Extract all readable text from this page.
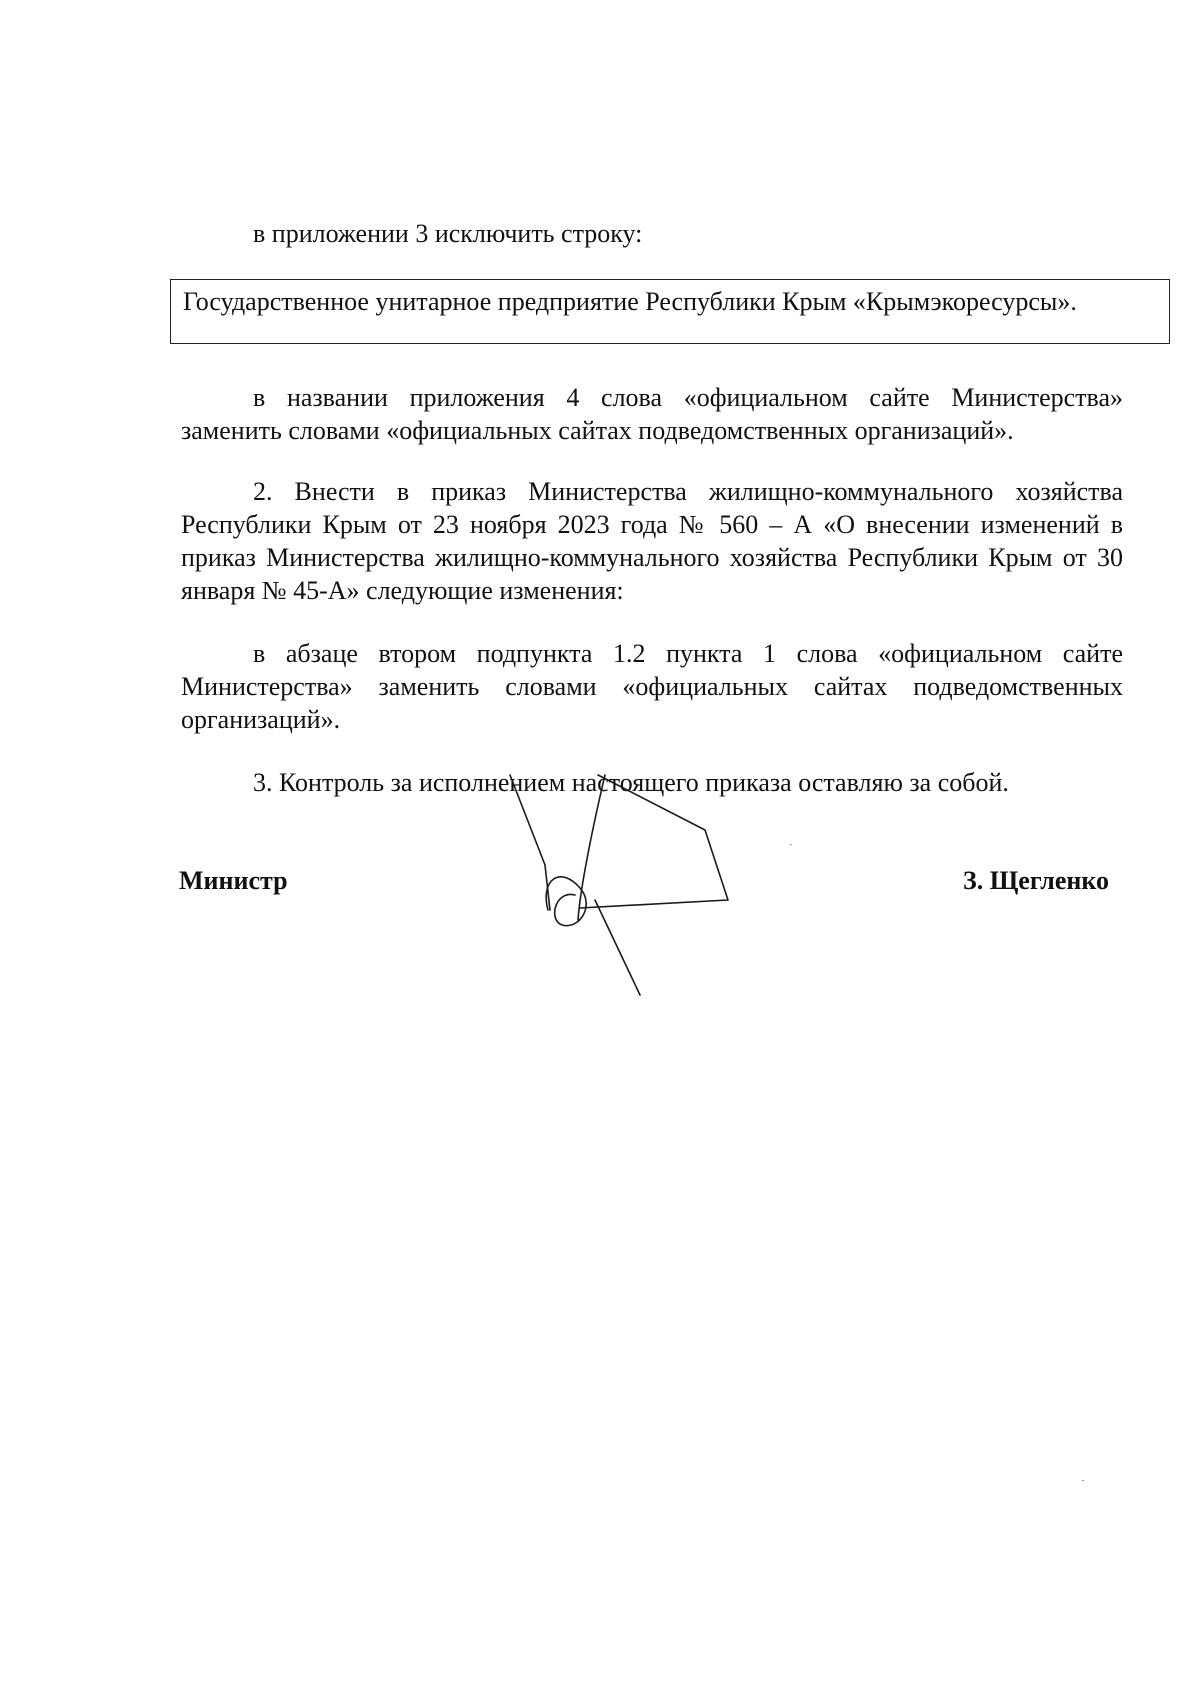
в приложении 3 исключить строку:
Государственное унитарное предприятие Республики Крым «Крымэкоресурсы».

в названии приложения 4 слова «официальном сайте Министерства» заменить словами «официальных сайтах подведомственных организаций».

2. Внести в приказ Министерства жилищно-коммунального хозяйства Республики Крым от 23 ноября 2023 года № 560 – А «О внесении изменений в приказ Министерства жилищно-коммунального хозяйства Республики Крым от 30 января № 45-А» следующие изменения:

в абзаце втором подпункта 1.2 пункта 1 слова «официальном сайте Министерства» заменить словами «официальных сайтах подведомственных организаций».

3. Контроль за исполнением настоящего приказа оставляю за собой.
Министр	З. Щегленко
